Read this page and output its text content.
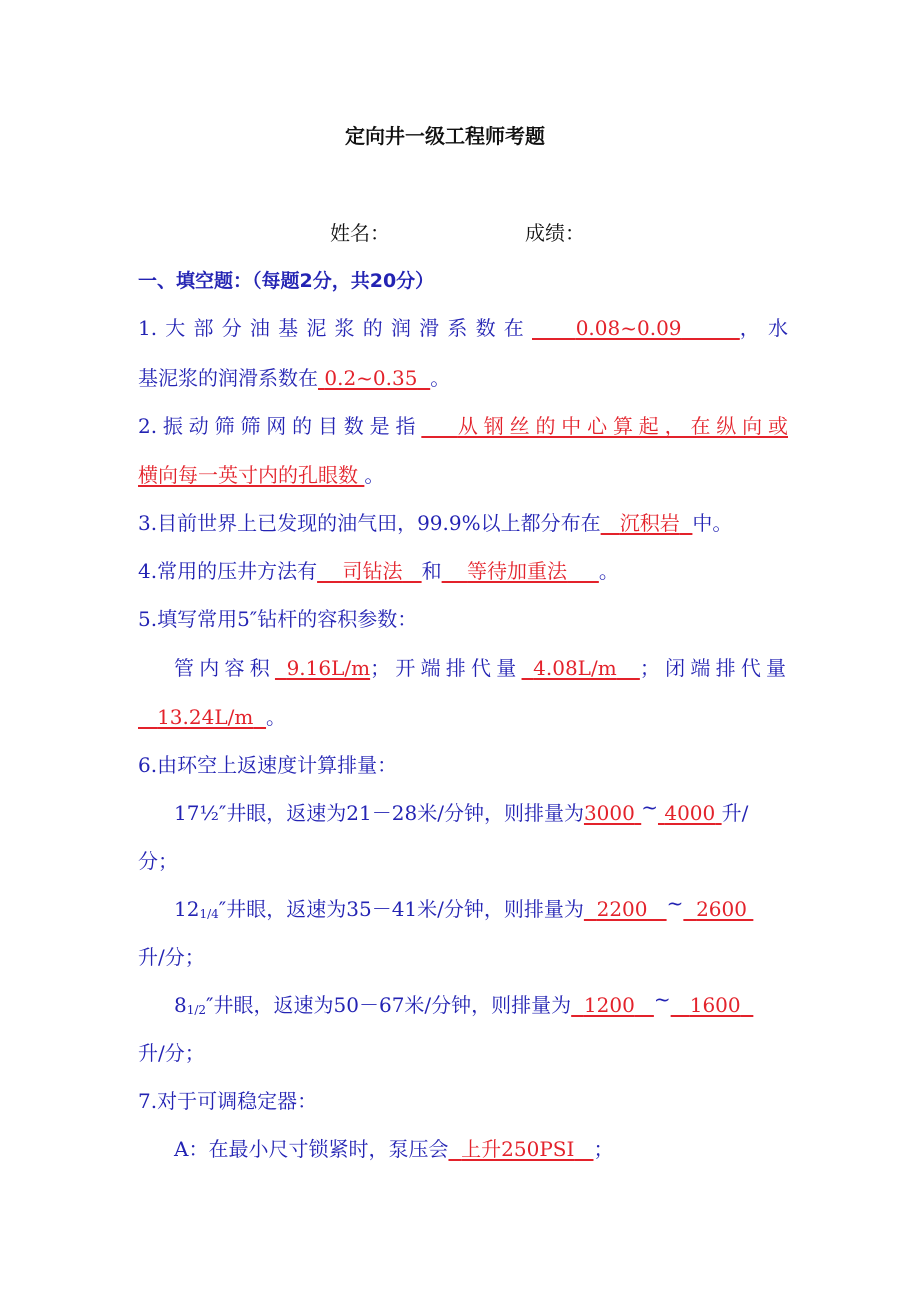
定向井一级工程师考题
姓名：	成绩：
一、填空题：（每题2分，共20分）
1.大部分油基泥浆的润滑系数在 0.08~0.09	，水
基泥浆的润滑系数在 0.2~0.35 。
2.振动筛筛网的目数是指 从钢丝的中心算起，在纵向或
横向每一英寸内的孔眼数 。
3.目前世界上已发现的油气田，99.9%以上都分布在 沉积岩 中。
4.常用的压井方法有 司钻法 和 等待加重法 。
5.填写常用5″钻杆的容积参数：
管内容积 9.16L/m；开端排代量 4.08L/m ；闭端排代量
13.24L/m 。
6.由环空上返速度计算排量：
17½″井眼，返速为21－28米/分钟，则排量为3000 ~ 4000 升/
分；
121/4″井眼，返速为35－41米/分钟，则排量为 2200 ~ 2600
升/分；
81/2″井眼，返速为50－67米/分钟，则排量为 1200 ~ 1600
升/分；
7.对于可调稳定器：
A：在最小尺寸锁紧时，泵压会 上升250PSI ；
